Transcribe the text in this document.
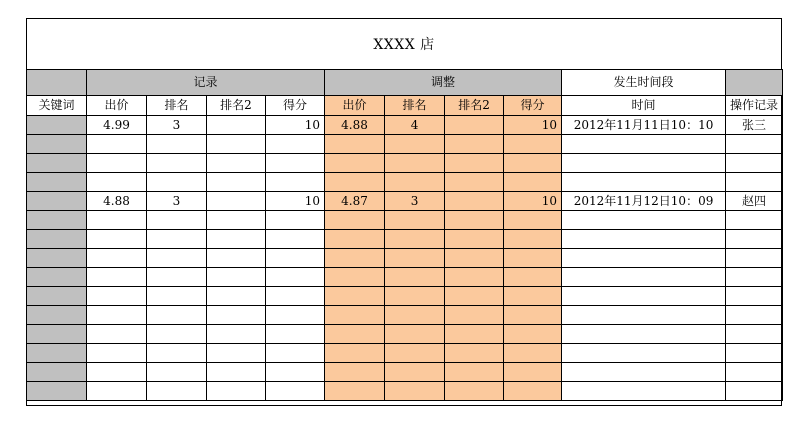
XXXX 店
	记录				调整				发生时间段	
关键词	出价	排名	排名2	得分	出价	排名	排名2	得分	时间	操作记录
	4.99	3		10	4.88	4		10	2012年11月11日10：10	张三

	4.88	3		10	4.87	3		10	2012年11月12日10：09	赵四
